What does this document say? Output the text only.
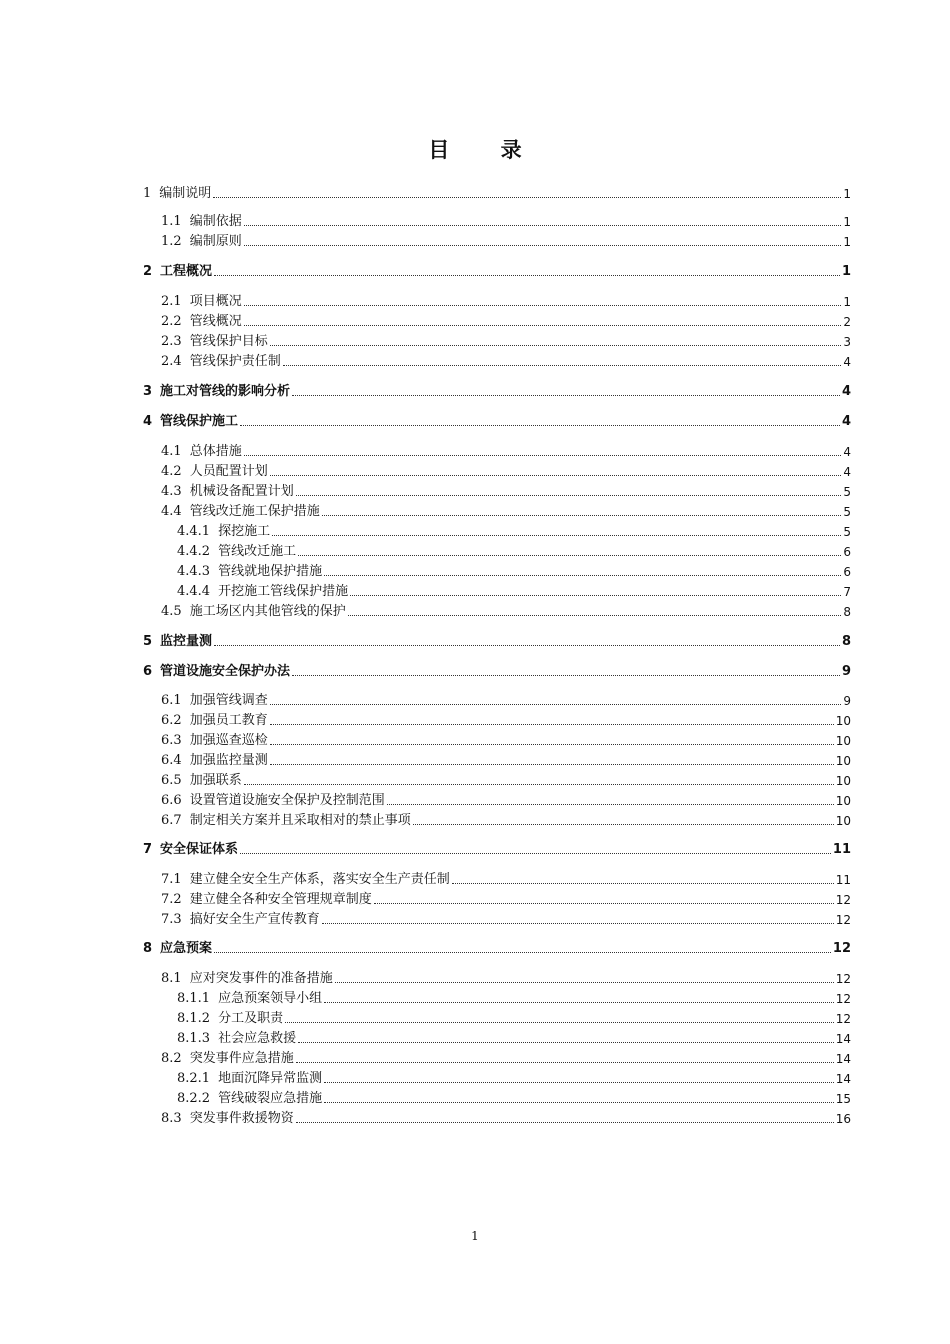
目 录
1 编制说明	1
1.1 编制依据	1
1.2 编制原则	1
2 工程概况	1
2.1 项目概况	1
2.2 管线概况	2
2.3 管线保护目标	3
2.4 管线保护责任制	4
3 施工对管线的影响分析	4
4 管线保护施工	4
4.1 总体措施	4
4.2 人员配置计划	4
4.3 机械设备配置计划	5
4.4 管线改迁施工保护措施	5
4.4.1 探挖施工	5
4.4.2 管线改迁施工	6
4.4.3 管线就地保护措施	6
4.4.4 开挖施工管线保护措施	7
4.5 施工场区内其他管线的保护	8
5 监控量测	8
6 管道设施安全保护办法	9
6.1 加强管线调查	9
6.2 加强员工教育	10
6.3 加强巡查巡检	10
6.4 加强监控量测	10
6.5 加强联系	10
6.6 设置管道设施安全保护及控制范围	10
6.7 制定相关方案并且采取相对的禁止事项	10
7 安全保证体系	11
7.1 建立健全安全生产体系，落实安全生产责任制	11
7.2 建立健全各种安全管理规章制度	12
7.3 搞好安全生产宣传教育	12
8 应急预案	12
8.1 应对突发事件的准备措施	12
8.1.1 应急预案领导小组	12
8.1.2 分工及职责	12
8.1.3 社会应急救援	14
8.2 突发事件应急措施	14
8.2.1 地面沉降异常监测	14
8.2.2 管线破裂应急措施	15
8.3 突发事件救援物资	16
1
